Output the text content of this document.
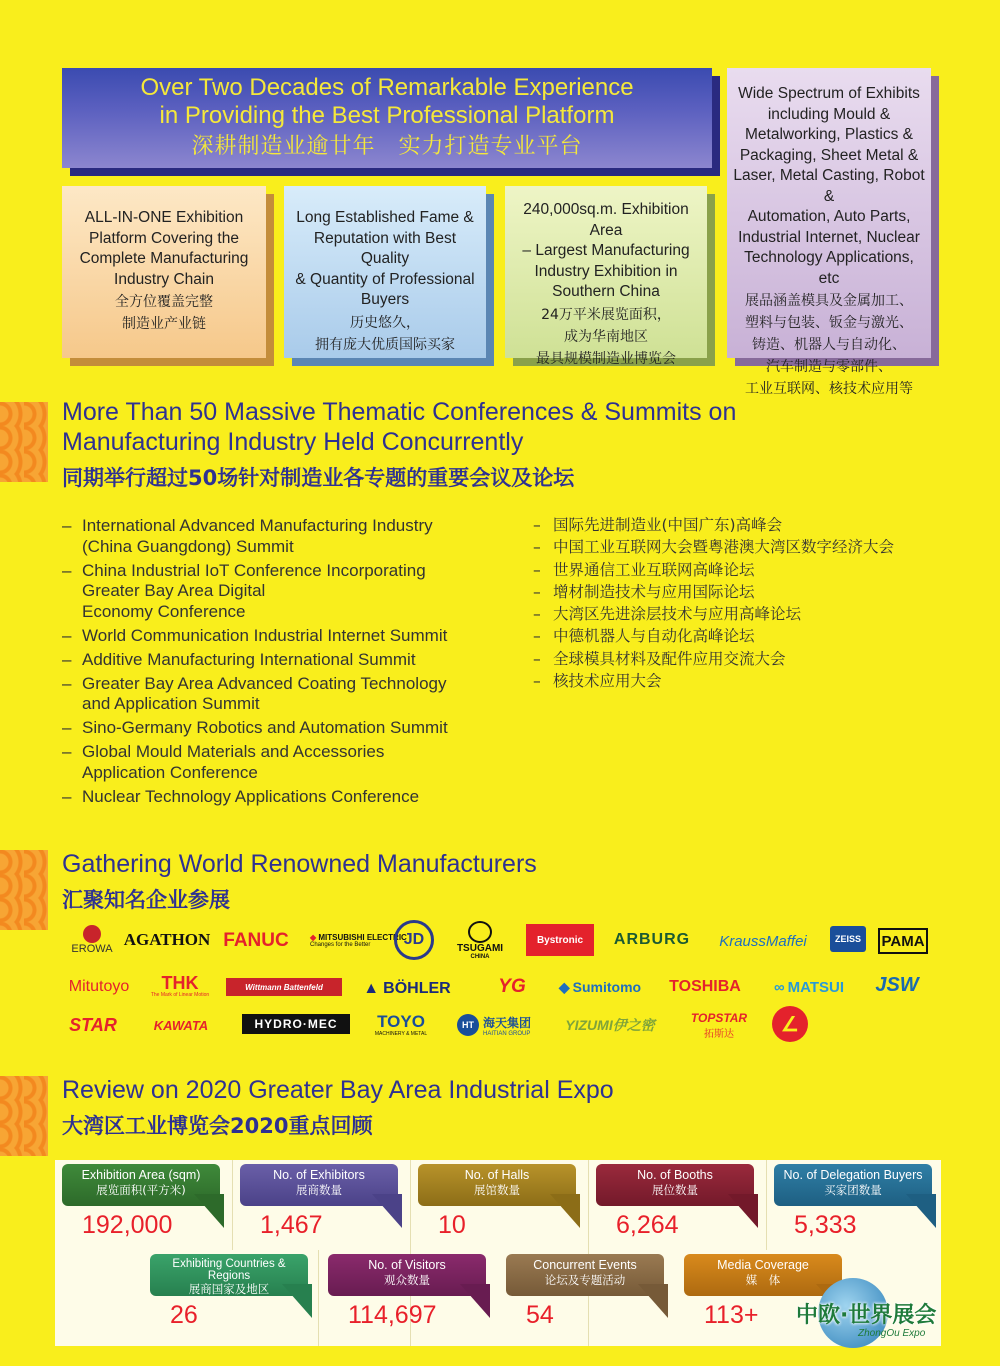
Over Two Decades of Remarkable Experience
in Providing the Best Professional Platform
深耕制造业逾廿年　实力打造专业平台
ALL-IN-ONE Exhibition
Platform Covering the
Complete Manufacturing
Industry Chain
全方位覆盖完整
制造业产业链
Long Established Fame &
Reputation with Best Quality
& Quantity of Professional
Buyers
历史悠久，
拥有庞大优质国际买家
240,000sq.m. Exhibition Area
– Largest Manufacturing
Industry Exhibition in
Southern China
24万平米展览面积，
成为华南地区
最具规模制造业博览会
Wide Spectrum of Exhibits
including Mould &
Metalworking, Plastics &
Packaging, Sheet Metal &
Laser, Metal Casting, Robot &
Automation, Auto Parts,
Industrial Internet, Nuclear
Technology Applications, etc
展品涵盖模具及金属加工、
塑料与包装、钣金与激光、
铸造、机器人与自动化、
汽车制造与零部件、
工业互联网、核技术应用等
More Than 50 Massive Thematic Conferences & Summits on
Manufacturing Industry Held Concurrently
同期举行超过50场针对制造业各专题的重要会议及论坛
– International Advanced Manufacturing Industry
(China Guangdong) Summit
– China Industrial IoT Conference Incorporating
Greater Bay Area Digital
Economy Conference
– World Communication Industrial Internet Summit
– Additive Manufacturing International Summit
– Greater Bay Area Advanced Coating Technology
and Application Summit
– Sino-Germany Robotics and Automation Summit
– Global Mould Materials and Accessories
Application Conference
– Nuclear Technology Applications Conference
– 国际先进制造业(中国广东)高峰会
– 中国工业互联网大会暨粤港澳大湾区数字经济大会
– 世界通信工业互联网高峰论坛
– 增材制造技术与应用国际论坛
– 大湾区先进涂层技术与应用高峰论坛
– 中德机器人与自动化高峰论坛
– 全球模具材料及配件应用交流大会
– 核技术应用大会
Gathering World Renowned Manufacturers
汇聚知名企业参展
EROWA AGATHON FANUC	◆ MITSUBISHI ELECTRIC
Changes for the Better	JD	TSUGAMI
CHINA
Bystronic	ARBURG	KraussMaffei	ZEISS	PAMA
Mitutoyo	THK
The Mark of Linear Motion
Wittmann Battenfeld	▲ BÖHLER	YG	◆ Sumitomo	TOSHIBA	∞ MATSUI	JSW
STAR	KAWATA	HYDRO·MEC	TOYO
MACHINERY & METAL
HT 海天集团
HAITIAN GROUP
YIZUMI伊之密	TOPSTAR
拓斯达	∠
Review on 2020 Greater Bay Area Industrial Expo
大湾区工业博览会2020重点回顾
Exhibition Area (sqm)
展览面积(平方米)
192,000
No. of Exhibitors
展商数量
1,467
No. of Halls
展馆数量
10
No. of Booths
展位数量
6,264
No. of Delegation Buyers
买家团数量
5,333
Exhibiting Countries & Regions
展商国家及地区
26
No. of Visitors
观众数量
114,697
Concurrent Events
论坛及专题活动
54
Media Coverage
媒　体
113+	中欧·世界展会
ZhongOu Expo
